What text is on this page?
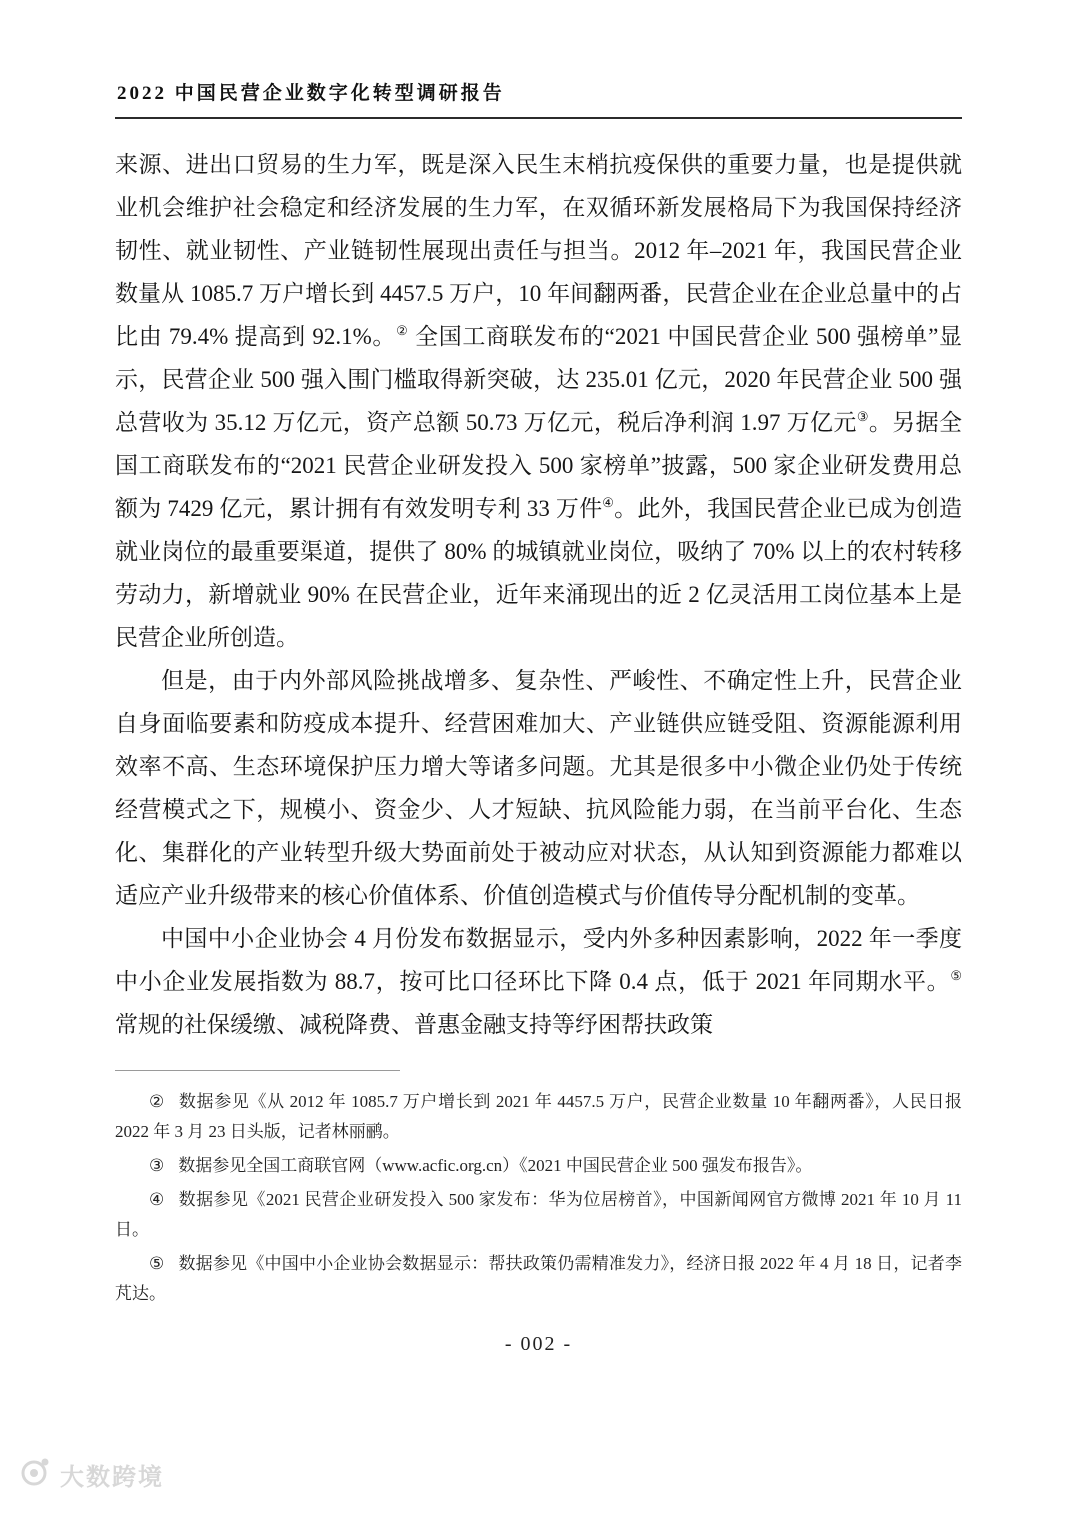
2022 中国民营企业数字化转型调研报告

来源、进出口贸易的生力军，既是深入民生末梢抗疫保供的重要力量，也是提供就业机会维护社会稳定和经济发展的生力军，在双循环新发展格局下为我国保持经济韧性、就业韧性、产业链韧性展现出责任与担当。2012 年–2021 年，我国民营企业数量从 1085.7 万户增长到 4457.5 万户，10 年间翻两番，民营企业在企业总量中的占比由 79.4% 提高到 92.1%。② 全国工商联发布的“2021 中国民营企业 500 强榜单”显示，民营企业 500 强入围门槛取得新突破，达 235.01 亿元，2020 年民营企业 500 强总营收为 35.12 万亿元，资产总额 50.73 万亿元，税后净利润 1.97 万亿元③。另据全国工商联发布的“2021 民营企业研发投入 500 家榜单”披露，500 家企业研发费用总额为 7429 亿元，累计拥有有效发明专利 33 万件④。此外，我国民营企业已成为创造就业岗位的最重要渠道，提供了 80% 的城镇就业岗位，吸纳了 70% 以上的农村转移劳动力，新增就业 90% 在民营企业，近年来涌现出的近 2 亿灵活用工岗位基本上是民营企业所创造。

但是，由于内外部风险挑战增多、复杂性、严峻性、不确定性上升，民营企业自身面临要素和防疫成本提升、经营困难加大、产业链供应链受阻、资源能源利用效率不高、生态环境保护压力增大等诸多问题。尤其是很多中小微企业仍处于传统经营模式之下，规模小、资金少、人才短缺、抗风险能力弱，在当前平台化、生态化、集群化的产业转型升级大势面前处于被动应对状态，从认知到资源能力都难以适应产业升级带来的核心价值体系、价值创造模式与价值传导分配机制的变革。

中国中小企业协会 4 月份发布数据显示，受内外多种因素影响，2022 年一季度中小企业发展指数为 88.7，按可比口径环比下降 0.4 点，低于 2021 年同期水平。⑤ 常规的社保缓缴、减税降费、普惠金融支持等纾困帮扶政策

② 数据参见《从 2012 年 1085.7 万户增长到 2021 年 4457.5 万户，民营企业数量 10 年翻两番》，人民日报 2022 年 3 月 23 日头版，记者林丽鹂。

③ 数据参见全国工商联官网（www.acfic.org.cn）《2021 中国民营企业 500 强发布报告》。

④ 数据参见《2021 民营企业研发投入 500 家发布：华为位居榜首》，中国新闻网官方微博 2021 年 10 月 11 日。

⑤ 数据参见《中国中小企业协会数据显示：帮扶政策仍需精准发力》，经济日报 2022 年 4 月 18 日，记者李芃达。

- 002 -
大数跨境
